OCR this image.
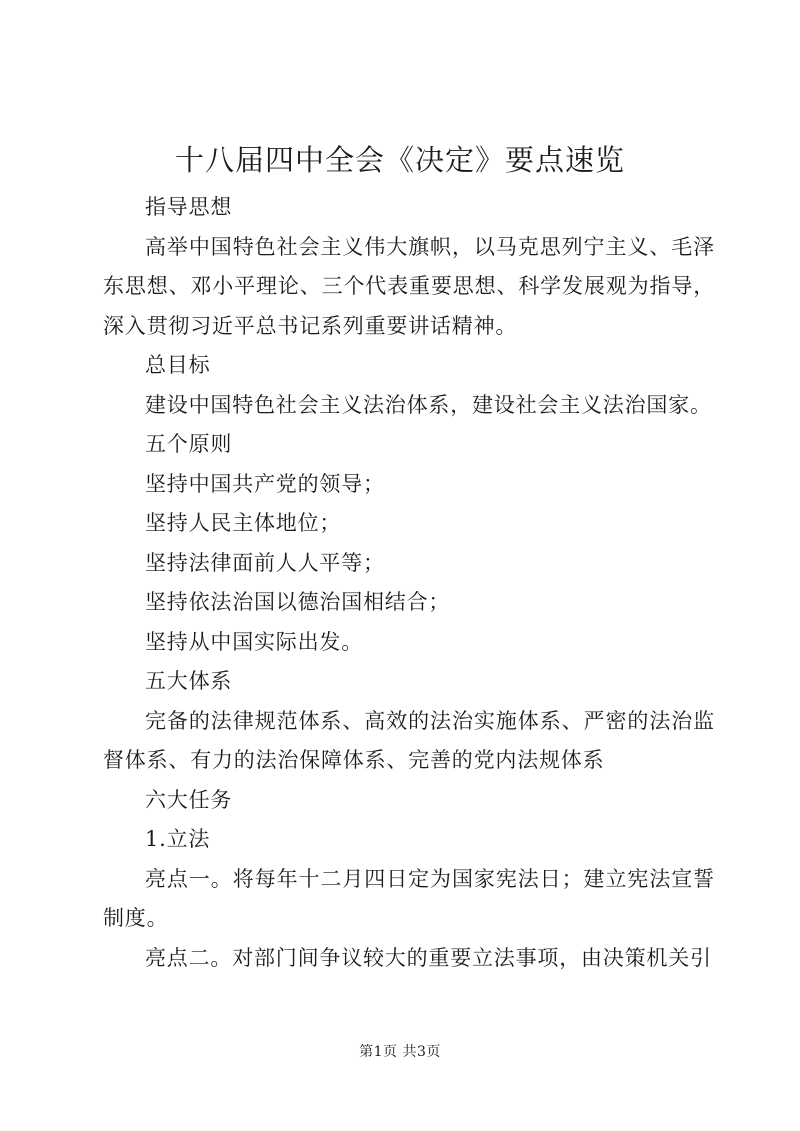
十八届四中全会《决定》要点速览

指导思想

高举中国特色社会主义伟大旗帜，以马克思列宁主义、毛泽东思想、邓小平理论、三个代表重要思想、科学发展观为指导，深入贯彻习近平总书记系列重要讲话精神。

总目标

建设中国特色社会主义法治体系，建设社会主义法治国家。

五个原则

坚持中国共产党的领导；

坚持人民主体地位；

坚持法律面前人人平等；

坚持依法治国以德治国相结合；

坚持从中国实际出发。

五大体系

完备的法律规范体系、高效的法治实施体系、严密的法治监督体系、有力的法治保障体系、完善的党内法规体系

六大任务

1.立法

亮点一。将每年十二月四日定为国家宪法日；建立宪法宣誓制度。

亮点二。对部门间争议较大的重要立法事项，由决策机关引

第1页 共3页
